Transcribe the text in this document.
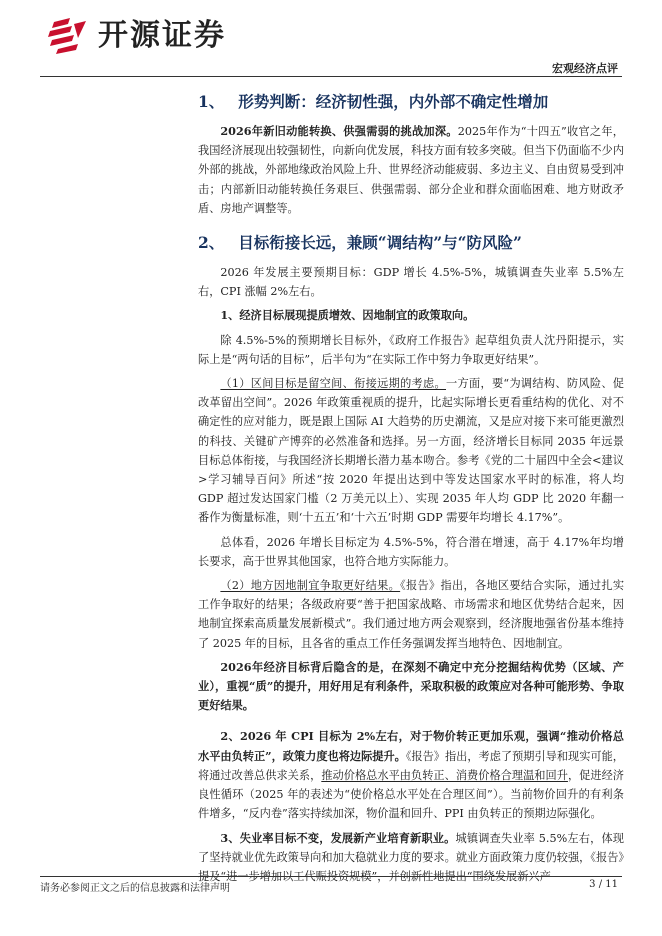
开源证券
宏观经济点评
1、 形势判断：经济韧性强，内外部不确定性增加

2026年新旧动能转换、供强需弱的挑战加深。2025年作为“十四五”收官之年，我国经济展现出较强韧性，向新向优发展，科技方面有较多突破。但当下仍面临不少内外部的挑战，外部地缘政治风险上升、世界经济动能疲弱、多边主义、自由贸易受到冲击；内部新旧动能转换任务艰巨、供强需弱、部分企业和群众面临困难、地方财政矛盾、房地产调整等。

2、 目标衔接长远，兼顾“调结构”与“防风险”

2026 年发展主要预期目标：GDP 增长 4.5%-5%，城镇调查失业率 5.5%左右，CPI 涨幅 2%左右。

1、经济目标展现提质增效、因地制宜的政策取向。

除 4.5%-5%的预期增长目标外，《政府工作报告》起草组负责人沈丹阳提示，实际上是“两句话的目标”，后半句为“在实际工作中努力争取更好结果”。

（1）区间目标是留空间、衔接远期的考虑。一方面，要“为调结构、防风险、促改革留出空间”。2026 年政策重视质的提升，比起实际增长更看重结构的优化、对不确定性的应对能力，既是跟上国际 AI 大趋势的历史潮流，又是应对接下来可能更激烈的科技、关键矿产博弈的必然准备和选择。另一方面，经济增长目标同 2035 年远景目标总体衔接，与我国经济长期增长潜力基本吻合。参考《党的二十届四中全会<建议>学习辅导百问》所述“按 2020 年提出达到中等发达国家水平时的标准，将人均 GDP 超过发达国家门槛（2 万美元以上）、实现 2035 年人均 GDP 比 2020 年翻一番作为衡量标准，则‘十五五’和‘十六五’时期 GDP 需要年均增长 4.17%”。

总体看，2026 年增长目标定为 4.5%-5%，符合潜在增速，高于 4.17%年均增长要求，高于世界其他国家，也符合地方实际能力。

（2）地方因地制宜争取更好结果。《报告》指出，各地区要结合实际，通过扎实工作争取好的结果；各级政府要“善于把国家战略、市场需求和地区优势结合起来，因地制宜探索高质量发展新模式”。我们通过地方两会观察到，经济腹地强省份基本维持了 2025 年的目标，且各省的重点工作任务强调发挥当地特色、因地制宜。

2026年经济目标背后隐含的是，在深刻不确定中充分挖掘结构优势（区域、产业），重视“质”的提升，用好用足有利条件，采取积极的政策应对各种可能形势、争取更好结果。

2、2026 年 CPI 目标为 2%左右，对于物价转正更加乐观，强调“推动价格总水平由负转正”，政策力度也将边际提升。《报告》指出，考虑了预期引导和现实可能，将通过改善总供求关系，推动价格总水平由负转正、消费价格合理温和回升，促进经济良性循环（2025 年的表述为“使价格总水平处在合理区间”）。当前物价回升的有利条件增多，“反内卷”落实持续加深，物价温和回升、PPI 由负转正的预期边际强化。

3、失业率目标不变，发展新产业培育新职业。城镇调查失业率 5.5%左右，体现了坚持就业优先政策导向和加大稳就业力度的要求。就业方面政策力度仍较强，《报告》提及“进一步增加以工代赈投资规模”，并创新性地提出“围绕发展新兴产

请务必参阅正文之后的信息披露和法律声明	3 / 11
